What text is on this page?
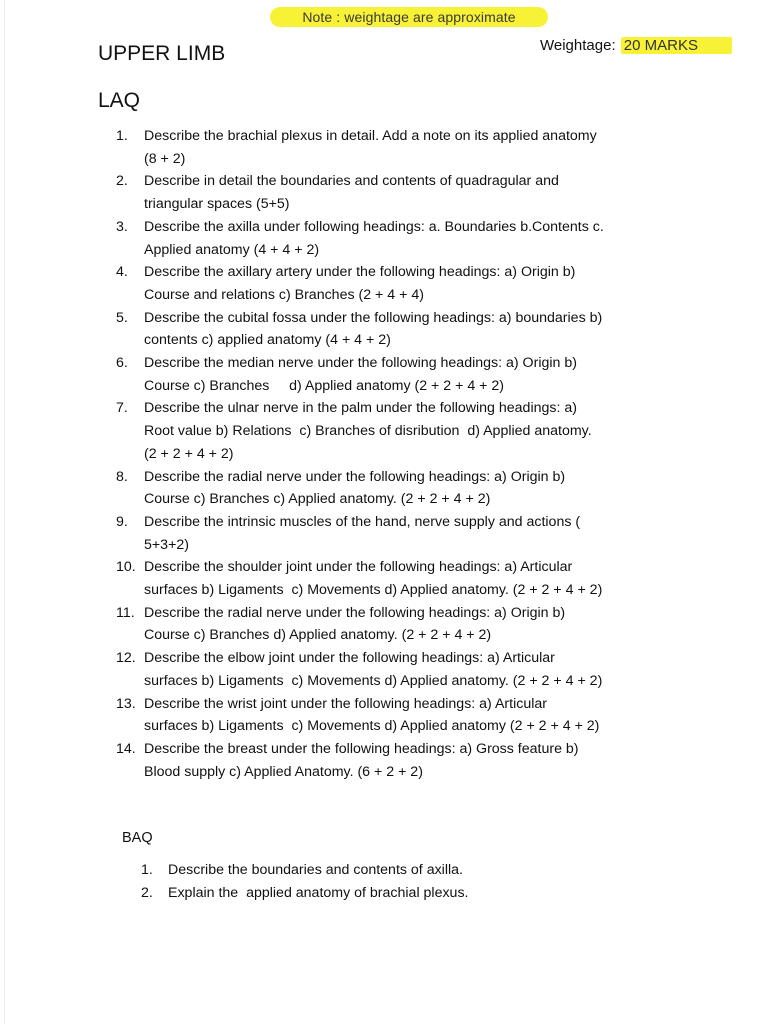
Note : weightage are approximate
UPPER LIMB	Weightage: 20 MARKS
LAQ
1.	Describe the brachial plexus in detail. Add a note on its applied anatomy
(8 + 2)
2.	Describe in detail the boundaries and contents of quadragular and
triangular spaces (5+5)
3.	Describe the axilla under following headings: a. Boundaries b.Contents c.
Applied anatomy (4 + 4 + 2)
4.	Describe the axillary artery under the following headings: a) Origin b)
Course and relations c) Branches (2 + 4 + 4)
5.	Describe the cubital fossa under the following headings: a) boundaries b)
contents c) applied anatomy (4 + 4 + 2)
6.	Describe the median nerve under the following headings: a) Origin b)
Course c) Branches     d) Applied anatomy (2 + 2 + 4 + 2)
7.	Describe the ulnar nerve in the palm under the following headings: a)
Root value b) Relations  c) Branches of disribution  d) Applied anatomy.
(2 + 2 + 4 + 2)
8.	Describe the radial nerve under the following headings: a) Origin b)
Course c) Branches c) Applied anatomy. (2 + 2 + 4 + 2)
9.	Describe the intrinsic muscles of the hand, nerve supply and actions (
5+3+2)
10. Describe the shoulder joint under the following headings: a) Articular
surfaces b) Ligaments  c) Movements d) Applied anatomy. (2 + 2 + 4 + 2)
11. Describe the radial nerve under the following headings: a) Origin b)
Course c) Branches d) Applied anatomy. (2 + 2 + 4 + 2)
12. Describe the elbow joint under the following headings: a) Articular
surfaces b) Ligaments  c) Movements d) Applied anatomy. (2 + 2 + 4 + 2)
13. Describe the wrist joint under the following headings: a) Articular
surfaces b) Ligaments  c) Movements d) Applied anatomy (2 + 2 + 4 + 2)
14. Describe the breast under the following headings: a) Gross feature b)
Blood supply c) Applied Anatomy. (6 + 2 + 2)
BAQ
1.	Describe the boundaries and contents of axilla.
2.	Explain the  applied anatomy of brachial plexus.
